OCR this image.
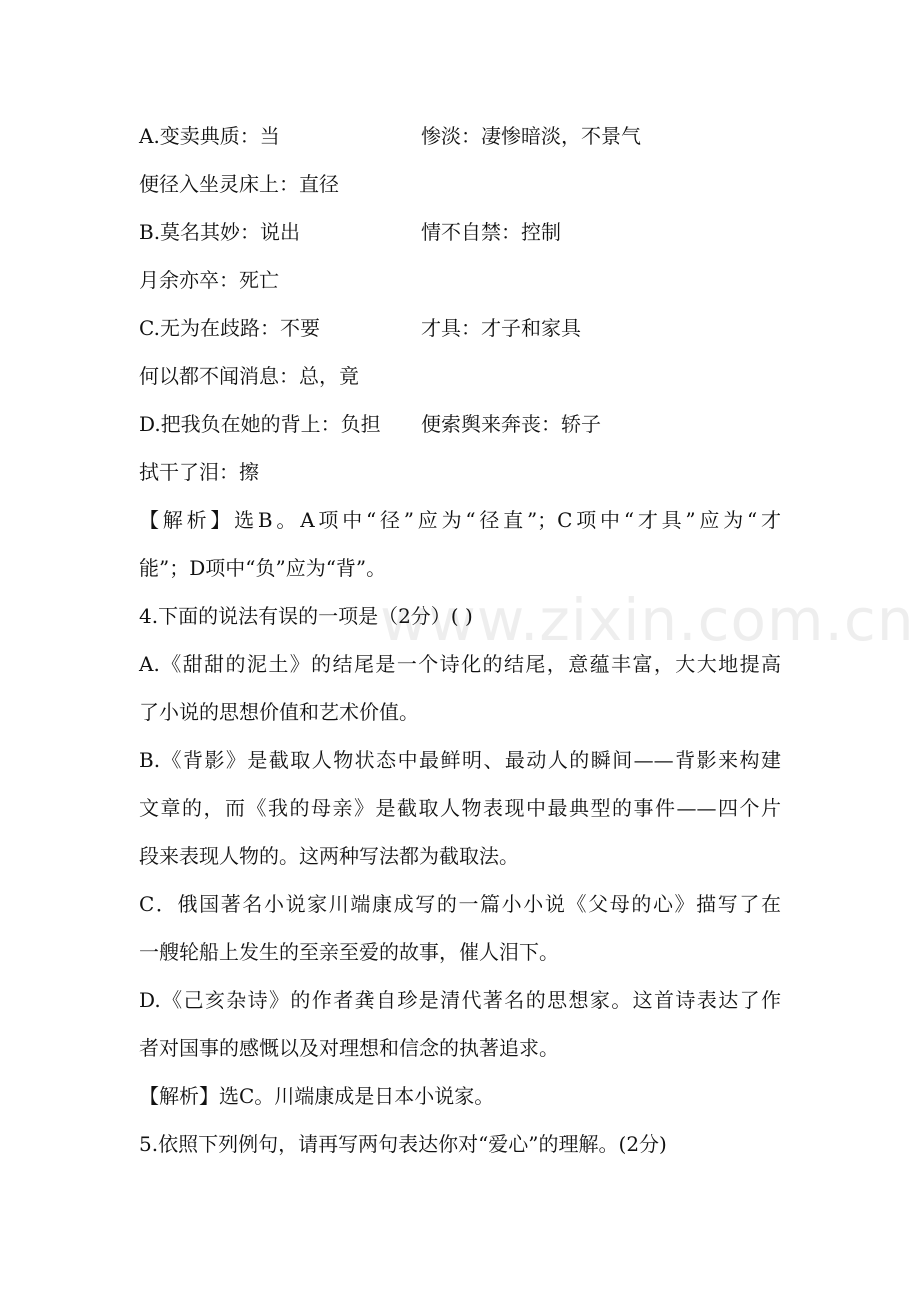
www.zixin.com.cn
A.变卖典质：当	惨淡：凄惨暗淡，不景气
便径入坐灵床上：直径
B.莫名其妙：说出	情不自禁：控制
月余亦卒：死亡
C.无为在歧路：不要	才具：才子和家具
何以都不闻消息：总，竟
D.把我负在她的背上：负担 便索舆来奔丧：轿子
拭干了泪：擦
【解析】选B。A项中“径”应为“径直”；C项中“才具”应为“才
能”；D项中“负”应为“背”。
4.下面的说法有误的一项是（2分）( )
A.《甜甜的泥土》的结尾是一个诗化的结尾，意蕴丰富，大大地提高
了小说的思想价值和艺术价值。
B.《背影》是截取人物状态中最鲜明、最动人的瞬间——背影来构建
文章的，而《我的母亲》是截取人物表现中最典型的事件——四个片
段来表现人物的。这两种写法都为截取法。
C．俄国著名小说家川端康成写的一篇小小说《父母的心》描写了在
一艘轮船上发生的至亲至爱的故事，催人泪下。
D.《己亥杂诗》的作者龚自珍是清代著名的思想家。这首诗表达了作
者对国事的感慨以及对理想和信念的执著追求。
【解析】选C。川端康成是日本小说家。
5.依照下列例句，请再写两句表达你对“爱心”的理解。(2分)
